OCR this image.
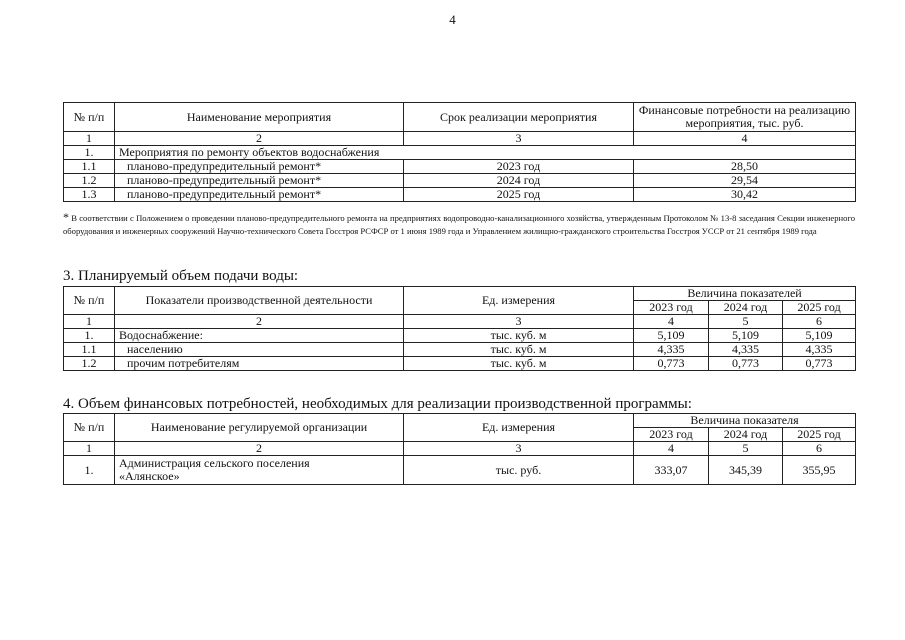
4
№ п/п	Наименование мероприятия	Срок реализации мероприятия	Финансовые потребности на реализацию мероприятия, тыс. руб.
1	2	3	4
1.	Мероприятия по ремонту объектов водоснабжения		
1.1	планово-предупредительный ремонт*	2023 год	28,50
1.2	планово-предупредительный ремонт*	2024 год	29,54
1.3	планово-предупредительный ремонт*	2025 год	30,42
* В соответствии с Положением о проведении планово-предупредительного ремонта на предприятиях водопроводно-канализационного хозяйства, утвержденным Протоколом № 13-8 заседания Секции инженерного оборудования и инженерных сооружений Научно-технического Совета Госстроя РСФСР от 1 июня 1989 года и Управлением жилищно-гражданского строительства Госстроя УССР от 21 сентября 1989 года
3. Планируемый объем подачи воды:
№ п/п	Показатели производственной деятельности	Ед. измерения	Величина показателей		
			2023 год	2024 год	2025 год
1	2	3	4	5	6
1.	Водоснабжение:	тыс. куб. м	5,109	5,109	5,109
1.1	населению	тыс. куб. м	4,335	4,335	4,335
1.2	прочим потребителям	тыс. куб. м	0,773	0,773	0,773
4. Объем финансовых потребностей, необходимых для реализации производственной программы:
№ п/п	Наименование регулируемой организации	Ед. измерения	Величина показателя		
			2023 год	2024 год	2025 год
1	2	3	4	5	6
1.	Администрация сельского поселения
«Алянское»	тыс. руб.	333,07	345,39	355,95
